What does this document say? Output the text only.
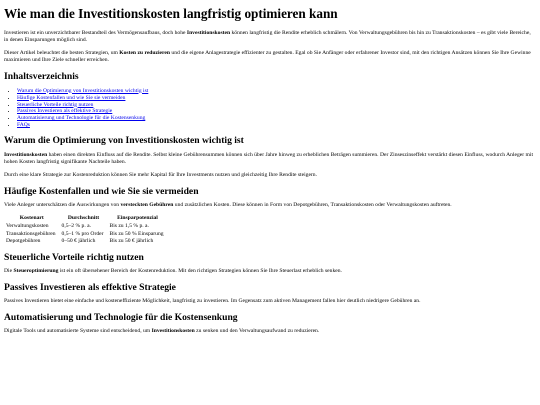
Wie man die Investitionskosten langfristig optimieren kann

Investieren ist ein unverzichtbarer Bestandteil des Vermögensaufbaus, doch hohe Investitionskosten können langfristig die Rendite erheblich schmälern. Von Verwaltungsgebühren bis hin zu Transaktionskosten – es gibt viele Bereiche, in denen Einsparungen möglich sind.

Dieser Artikel beleuchtet die besten Strategien, um Kosten zu reduzieren und die eigene Anlagestrategie effizienter zu gestalten. Egal ob Sie Anfänger oder erfahrener Investor sind, mit den richtigen Ansätzen können Sie Ihre Gewinne maximieren und Ihre Ziele schneller erreichen.

Inhaltsverzeichnis
• Warum die Optimierung von Investitionskosten wichtig ist
• Häufige Kostenfallen und wie Sie sie vermeiden
• Steuerliche Vorteile richtig nutzen
• Passives Investieren als effektive Strategie
• Automatisierung und Technologie für die Kostensenkung
• FAQs
Warum die Optimierung von Investitionskosten wichtig ist

Investitionskosten haben einen direkten Einfluss auf die Rendite. Selbst kleine Gebührensummen können sich über Jahre hinweg zu erheblichen Beträgen summieren. Der Zinseszinseffekt verstärkt diesen Einfluss, wodurch Anleger mit hohen Kosten langfristig signifikante Nachteile haben.

Durch eine klare Strategie zur Kostenreduktion können Sie mehr Kapital für Ihre Investments nutzen und gleichzeitig Ihre Rendite steigern.

Häufige Kostenfallen und wie Sie sie vermeiden

Viele Anleger unterschätzen die Auswirkungen von versteckten Gebühren und zusätzlichen Kosten. Diese können in Form von Depotgebühren, Transaktionskosten oder Verwaltungskosten auftreten.

Kostenart	Durchschnitt	Einsparpotenzial
Verwaltungskosten	0,5–2 % p. a.	Bis zu 1,5 % p. a.
Transaktionsgebühren	0,5–1 % pro Order	Bis zu 50 % Einsparung
Depotgebühren	0–50 € jährlich	Bis zu 50 € jährlich
Steuerliche Vorteile richtig nutzen

Die Steueroptimierung ist ein oft übersehener Bereich der Kostenreduktion. Mit den richtigen Strategien können Sie Ihre Steuerlast erheblich senken.

Passives Investieren als effektive Strategie

Passives Investieren bietet eine einfache und kosteneffiziente Möglichkeit, langfristig zu investieren. Im Gegensatz zum aktiven Management fallen hier deutlich niedrigere Gebühren an.

Automatisierung und Technologie für die Kostensenkung

Digitale Tools und automatisierte Systeme sind entscheidend, um Investitionskosten zu senken und den Verwaltungsaufwand zu reduzieren.
